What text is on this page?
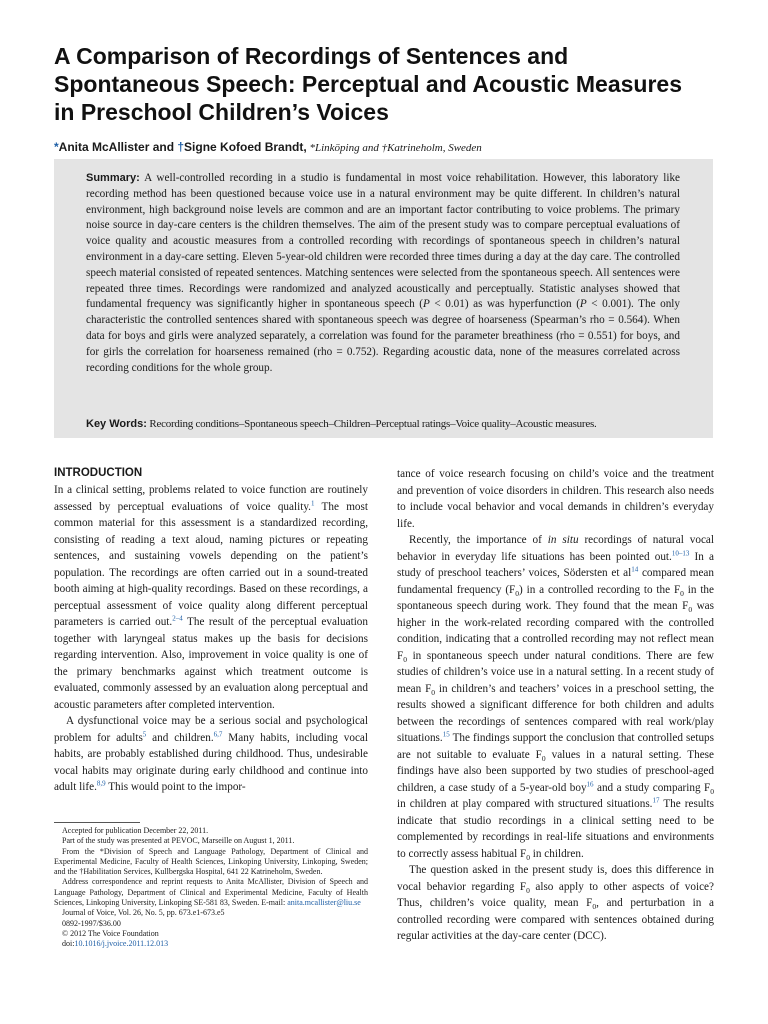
A Comparison of Recordings of Sentences and Spontaneous Speech: Perceptual and Acoustic Measures in Preschool Children’s Voices
*Anita McAllister and †Signe Kofoed Brandt, *Linköping and †Katrineholm, Sweden

Summary: A well-controlled recording in a studio is fundamental in most voice rehabilitation. However, this laboratory like recording method has been questioned because voice use in a natural environment may be quite different. In children’s natural environment, high background noise levels are common and are an important factor contributing to voice problems. The primary noise source in day-care centers is the children themselves. The aim of the present study was to compare perceptual evaluations of voice quality and acoustic measures from a controlled recording with recordings of spontaneous speech in children’s natural environment in a day-care setting. Eleven 5-year-old children were recorded three times during a day at the day care. The controlled speech material consisted of repeated sentences. Matching sentences were selected from the spontaneous speech. All sentences were repeated three times. Recordings were randomized and analyzed acoustically and perceptually. Statistic analyses showed that fundamental frequency was significantly higher in spontaneous speech (P < 0.01) as was hyperfunction (P < 0.001). The only characteristic the controlled sentences shared with spontaneous speech was degree of hoarseness (Spearman’s rho = 0.564). When data for boys and girls were analyzed separately, a correlation was found for the parameter breathiness (rho = 0.551) for boys, and for girls the correlation for hoarseness remained (rho = 0.752). Regarding acoustic data, none of the measures correlated across recording conditions for the whole group.

Key Words: Recording conditions–Spontaneous speech–Children–Perceptual ratings–Voice quality–Acoustic measures.

INTRODUCTION

In a clinical setting, problems related to voice function are routinely assessed by perceptual evaluations of voice quality.$^1$ The most common material for this assessment is a standardized recording, consisting of reading a text aloud, naming pictures or repeating sentences, and sustaining vowels depending on the patient’s population. The recordings are often carried out in a sound-treated booth aiming at high-quality recordings. Based on these recordings, a perceptual assessment of voice quality along different perceptual parameters is carried out.$^{2-4}$ The result of the perceptual evaluation together with laryngeal status makes up the basis for decisions regarding intervention. Also, improvement in voice quality is one of the primary benchmarks against which treatment outcome is evaluated, commonly assessed by an evaluation along perceptual and acoustic parameters after completed intervention.

A dysfunctional voice may be a serious social and psychological problem for adults$^5$ and children.$^{6,7}$ Many habits, including vocal habits, are probably established during childhood. Thus, undesirable vocal habits may originate during early childhood and continue into adult life.$^{8,9}$ This would point to the impor-

tance of voice research focusing on child’s voice and the treatment and prevention of voice disorders in children. This research also needs to include vocal behavior and vocal demands in children’s everyday life.

Recently, the importance of in situ recordings of natural vocal behavior in everyday life situations has been pointed out.$^{10-13}$ In a study of preschool teachers’ voices, Södersten et $al^{14}$ compared mean fundamental frequency $(F_0)$ in a controlled recording to the $F_0$ in the spontaneous speech during work. They found that the mean $F_0$ was higher in the work-related recording compared with the controlled condition, indicating that a controlled recording may not reflect mean $F_0$ in spontaneous speech under natural conditions. There are few studies of children’s voice use in a natural setting. In a recent study of mean $F_0$ in children’s and teachers’ voices in a preschool setting, the results showed a significant difference for both children and adults between the recordings of sentences compared with real work/play situations.$^{15}$ The findings support the conclusion that controlled setups are not suitable to evaluate $F_0$ values in a natural setting. These findings have also been supported by two studies of preschool-aged children, a case study of a 5-year-old boy$^{16}$ and a study comparing $F_0$ in children at play compared with structured situations.$^{17}$ The results indicate that studio recordings in a clinical setting need to be complemented by recordings in real-life situations and environments to correctly assess habitual $F_0$ in children.

The question asked in the present study is, does this difference in vocal behavior regarding $F_0$ also apply to other aspects of voice? Thus, children’s voice quality, mean $F_0$, and perturbation in a controlled recording were compared with sentences obtained during regular activities at the day-care center (DCC).

Accepted for publication December 22, 2011.

Part of the study was presented at PEVOC, Marseille on August 1, 2011.

From the *Division of Speech and Language Pathology, Department of Clinical and Experimental Medicine, Faculty of Health Sciences, Linkoping University, Linkoping, Sweden; and the †Habilitation Services, Kullbergska Hospital, 641 22 Katrineholm, Sweden.

Address correspondence and reprint requests to Anita McAllister, Division of Speech and Language Pathology, Department of Clinical and Experimental Medicine, Faculty of Health Sciences, Linkoping University, Linkoping SE-581 83, Sweden. E-mail: anita.mcallister@liu.se

Journal of Voice, Vol. 26, No. 5, pp. 673.e1-673.e5

0892-1997/$36.00

© 2012 The Voice Foundation

doi:10.1016/j.jvoice.2011.12.013
